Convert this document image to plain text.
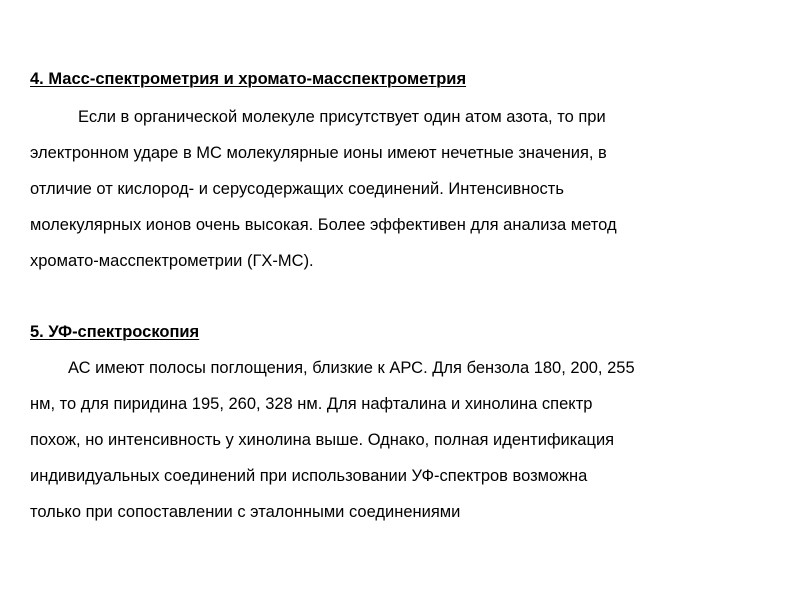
4. Масс-спектрометрия и хромато-масспектрометрия
Если в органической молекуле присутствует один атом азота, то при
электронном ударе в МС молекулярные ионы имеют нечетные значения, в
отличие от кислород- и серусодержащих соединений. Интенсивность
молекулярных ионов очень высокая. Более эффективен для анализа метод
хромато-масспектрометрии (ГХ-МС).
5. УФ-спектроскопия
АС имеют полосы поглощения, близкие к АРС. Для бензола 180, 200, 255
нм, то для пиридина 195, 260, 328 нм. Для нафталина и хинолина спектр
похож, но интенсивность у хинолина выше. Однако, полная идентификация
индивидуальных соединений при использовании УФ-спектров возможна
только при сопоставлении с эталонными соединениями
